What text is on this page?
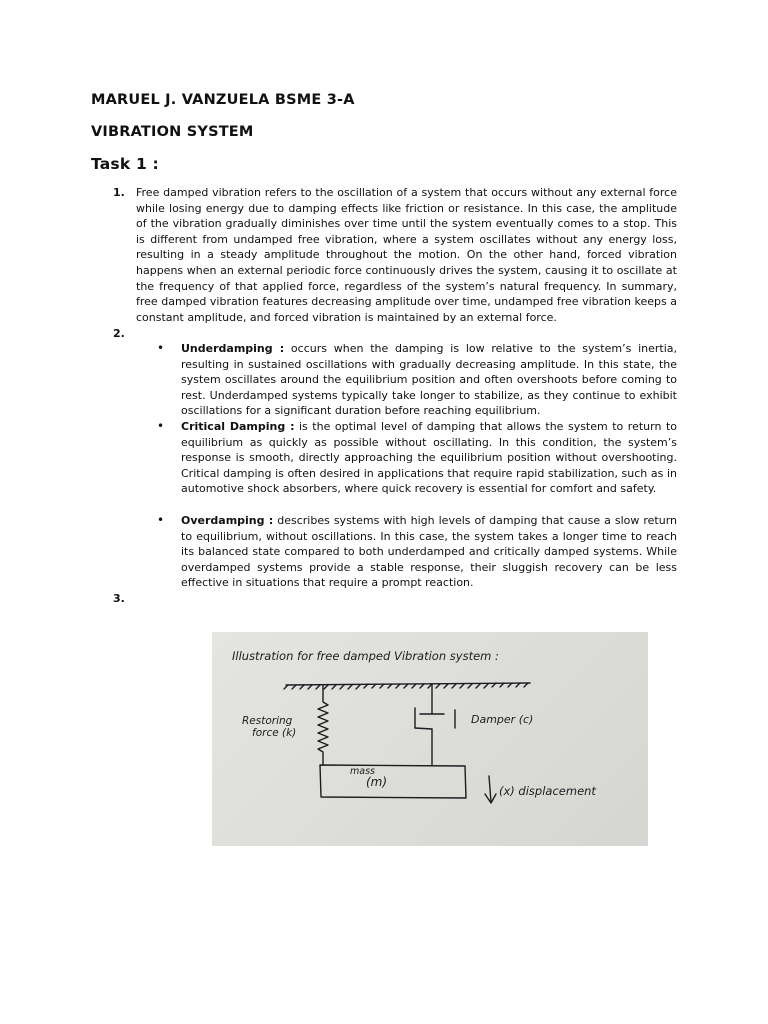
MARUEL J. VANZUELA BSME 3-A
VIBRATION SYSTEM
Task 1 :
1. Free damped vibration refers to the oscillation of a system that occurs without any external force while losing energy due to damping effects like friction or resistance. In this case, the amplitude of the vibration gradually diminishes over time until the system eventually comes to a stop. This is different from undamped free vibration, where a system oscillates without any energy loss, resulting in a steady amplitude throughout the motion. On the other hand, forced vibration happens when an external periodic force continuously drives the system, causing it to oscillate at the frequency of that applied force, regardless of the system’s natural frequency. In summary, free damped vibration features decreasing amplitude over time, undamped free vibration keeps a constant amplitude, and forced vibration is maintained by an external force.

2.
• Underdamping : occurs when the damping is low relative to the system’s inertia, resulting in sustained oscillations with gradually decreasing amplitude. In this state, the system oscillates around the equilibrium position and often overshoots before coming to rest. Underdamped systems typically take longer to stabilize, as they continue to exhibit oscillations for a significant duration before reaching equilibrium.

• Critical Damping : is the optimal level of damping that allows the system to return to equilibrium as quickly as possible without oscillating. In this condition, the system’s response is smooth, directly approaching the equilibrium position without overshooting. Critical damping is often desired in applications that require rapid stabilization, such as in automotive shock absorbers, where quick recovery is essential for comfort and safety.

• Overdamping : describes systems with high levels of damping that cause a slow return to equilibrium, without oscillations. In this case, the system takes a longer time to reach its balanced state compared to both underdamped and critically damped systems. While overdamped systems provide a stable response, their sluggish recovery can be less effective in situations that require a prompt reaction.

3.
Illustration for free damped Vibration system :
Restoring
force (k)
Damper (c)
mass
(m)
(x) displacement
